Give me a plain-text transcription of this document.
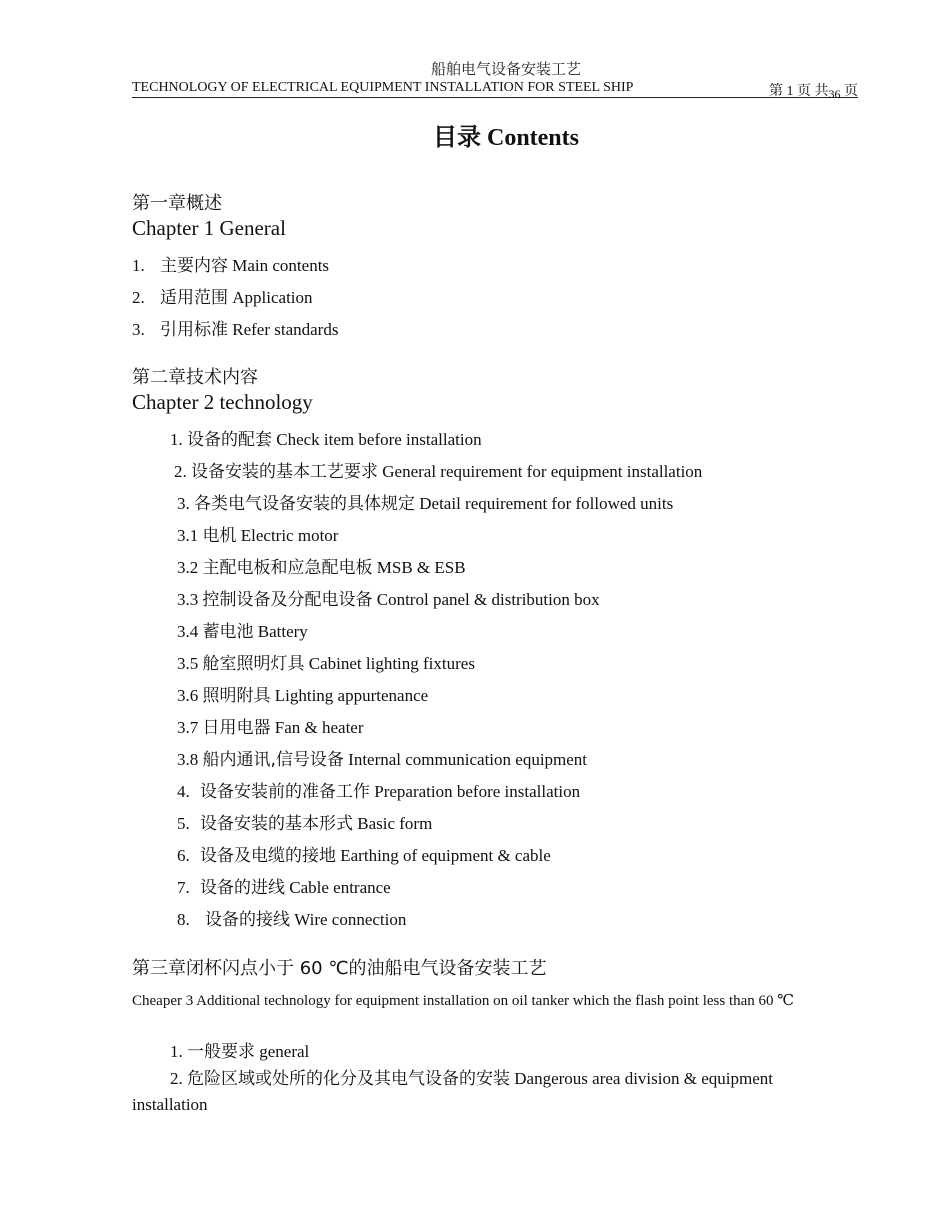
船舶电气设备安装工艺
TECHNOLOGY OF ELECTRICAL EQUIPMENT INSTALLATION FOR STEEL SHIP	第 1 页 共36 页
目录 Contents
第一章概述
Chapter 1 General
1. 主要内容 Main contents
2. 适用范围 Application
3. 引用标准 Refer standards
第二章技术内容
Chapter 2 technology
1. 设备的配套 Check item before installation
2. 设备安装的基本工艺要求 General requirement for equipment installation
3. 各类电气设备安装的具体规定 Detail requirement for followed units
3.1 电机 Electric motor
3.2 主配电板和应急配电板 MSB & ESB
3.3 控制设备及分配电设备 Control panel & distribution box
3.4 蓄电池 Battery
3.5 舱室照明灯具 Cabinet lighting fixtures
3.6 照明附具 Lighting appurtenance
3.7 日用电器 Fan & heater
3.8 船内通讯,信号设备 Internal communication equipment
4.设备安装前的准备工作 Preparation before installation
5.设备安装的基本形式 Basic form
6.设备及电缆的接地 Earthing of equipment & cable
7.设备的进线 Cable entrance
8.设备的接线 Wire connection
第三章闭杯闪点小于 60 ℃的油船电气设备安装工艺
Cheaper 3 Additional technology for equipment installation on oil tanker which the flash point less than 60 ℃
1. 一般要求 general
2. 危险区域或处所的化分及其电气设备的安装 Dangerous area division & equipment installation
